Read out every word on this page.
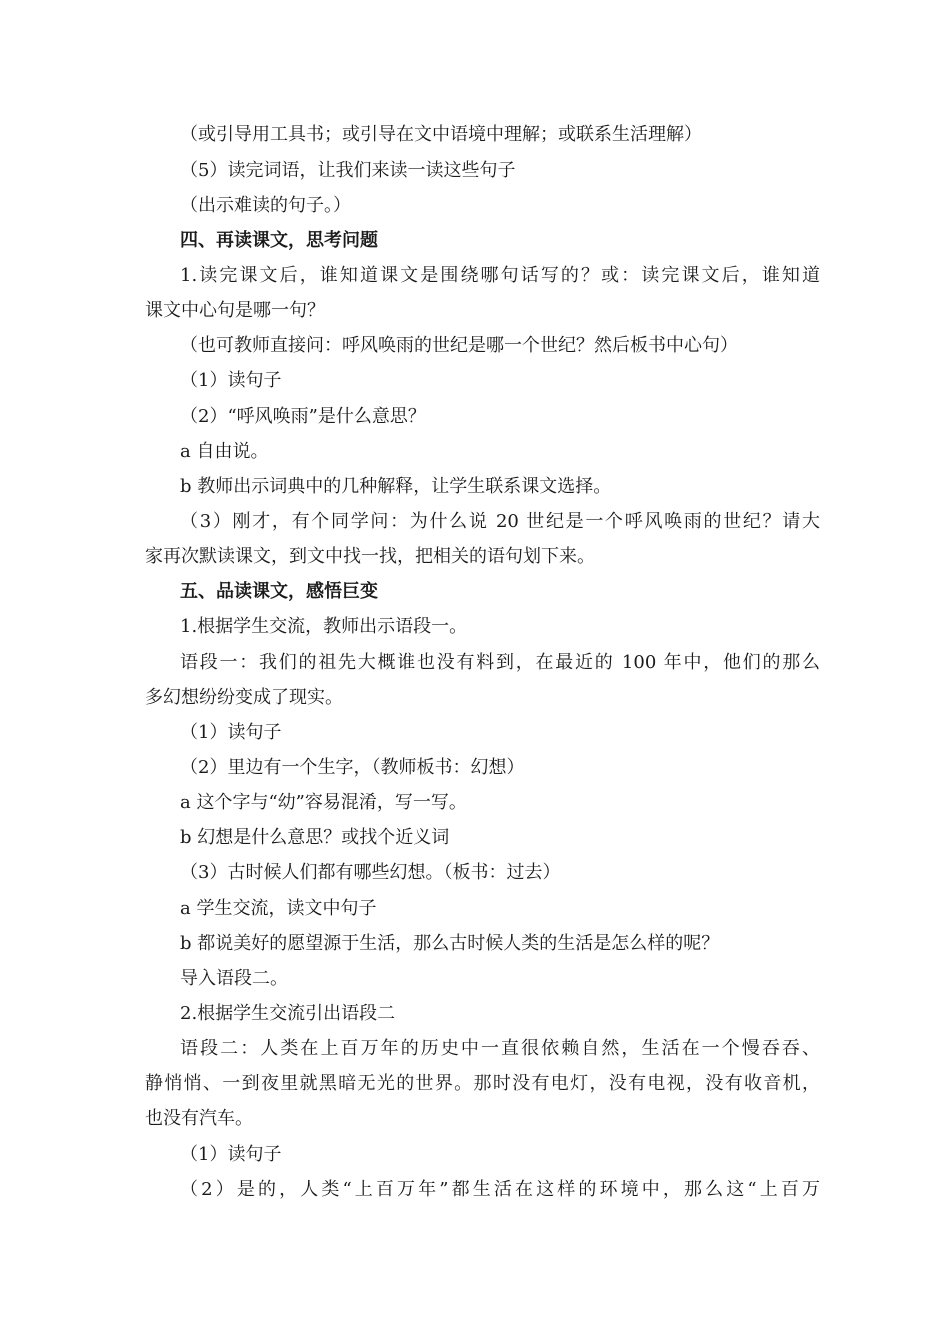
（或引导用工具书；或引导在文中语境中理解；或联系生活理解）
（5）读完词语，让我们来读一读这些句子
（出示难读的句子。）
四、再读课文，思考问题
1.读完课文后，谁知道课文是围绕哪句话写的？或：读完课文后，谁知道
课文中心句是哪一句？
（也可教师直接问：呼风唤雨的世纪是哪一个世纪？然后板书中心句）
（1）读句子
（2）“呼风唤雨”是什么意思？
a 自由说。
b 教师出示词典中的几种解释，让学生联系课文选择。
（3）刚才，有个同学问：为什么说 20 世纪是一个呼风唤雨的世纪？请大
家再次默读课文，到文中找一找，把相关的语句划下来。
五、品读课文，感悟巨变
1.根据学生交流，教师出示语段一。
语段一：我们的祖先大概谁也没有料到，在最近的 100 年中，他们的那么
多幻想纷纷变成了现实。
（1）读句子
（2）里边有一个生字，（教师板书：幻想）
a 这个字与“幼”容易混淆，写一写。
b 幻想是什么意思？或找个近义词
（3）古时候人们都有哪些幻想。（板书：过去）
a 学生交流，读文中句子
b 都说美好的愿望源于生活，那么古时候人类的生活是怎么样的呢？
导入语段二。
2.根据学生交流引出语段二
语段二：人类在上百万年的历史中一直很依赖自然，生活在一个慢吞吞、
静悄悄、一到夜里就黑暗无光的世界。那时没有电灯，没有电视，没有收音机，
也没有汽车。
（1）读句子
（2）是的，人类“上百万年”都生活在这样的环境中，那么这“上百万
